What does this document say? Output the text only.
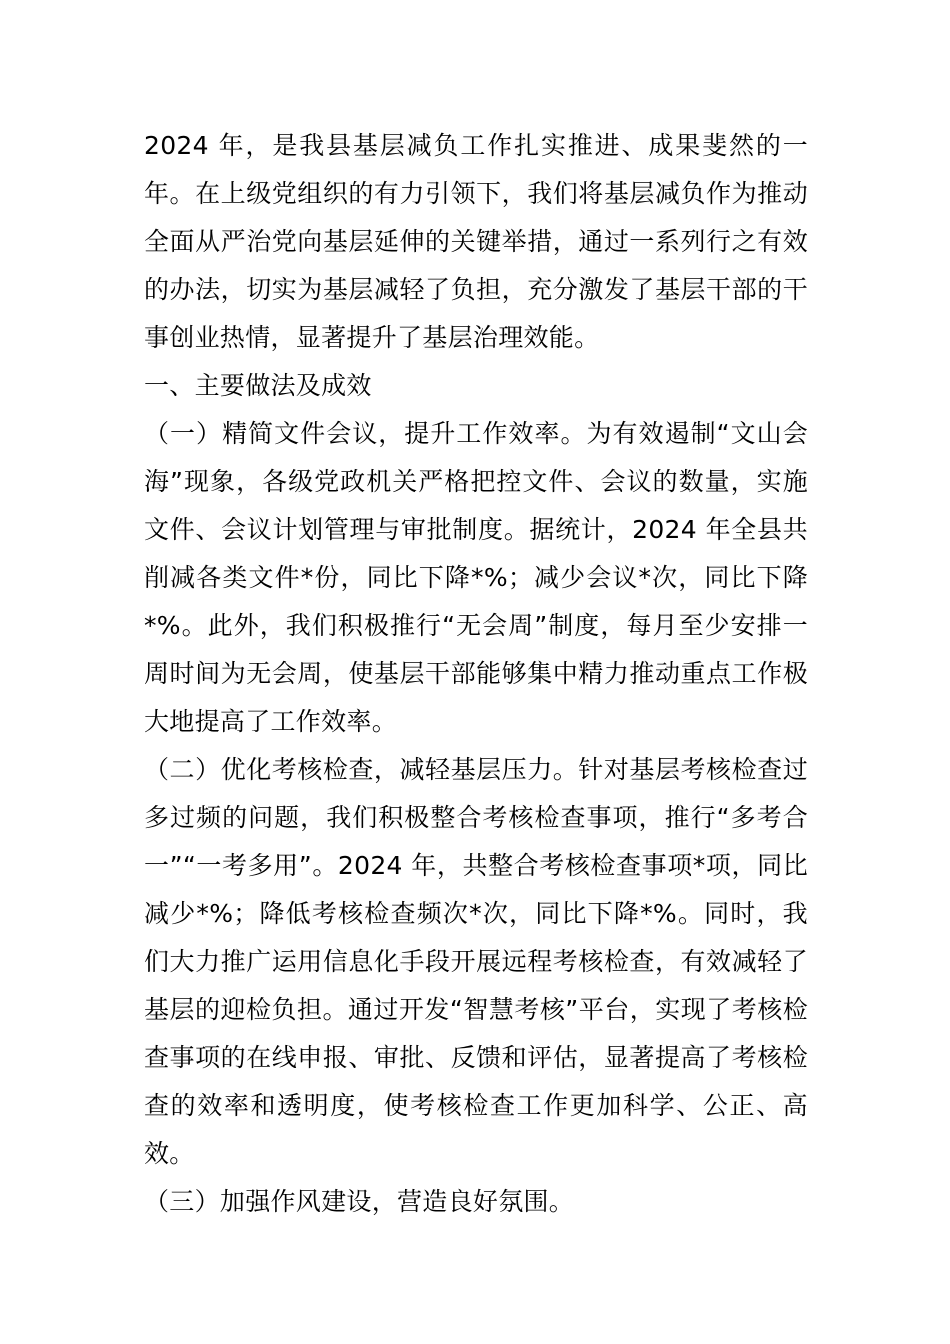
2024 年，是我县基层减负工作扎实推进、成果斐然的一年。在上级党组织的有力引领下，我们将基层减负作为推动全面从严治党向基层延伸的关键举措，通过一系列行之有效的办法，切实为基层减轻了负担，充分激发了基层干部的干事创业热情，显著提升了基层治理效能。

一、主要做法及成效

（一）精简文件会议，提升工作效率。为有效遏制“文山会海”现象，各级党政机关严格把控文件、会议的数量，实施文件、会议计划管理与审批制度。据统计，2024 年全县共削减各类文件*份，同比下降*%；减少会议*次，同比下降*%。此外，我们积极推行“无会周”制度，每月至少安排一周时间为无会周，使基层干部能够集中精力推动重点工作极大地提高了工作效率。

（二）优化考核检查，减轻基层压力。针对基层考核检查过多过频的问题，我们积极整合考核检查事项，推行“多考合一”“一考多用”。2024 年，共整合考核检查事项*项，同比减少*%；降低考核检查频次*次，同比下降*%。同时，我们大力推广运用信息化手段开展远程考核检查，有效减轻了基层的迎检负担。通过开发“智慧考核”平台，实现了考核检查事项的在线申报、审批、反馈和评估，显著提高了考核检查的效率和透明度，使考核检查工作更加科学、公正、高效。

（三）加强作风建设，营造良好氛围。
